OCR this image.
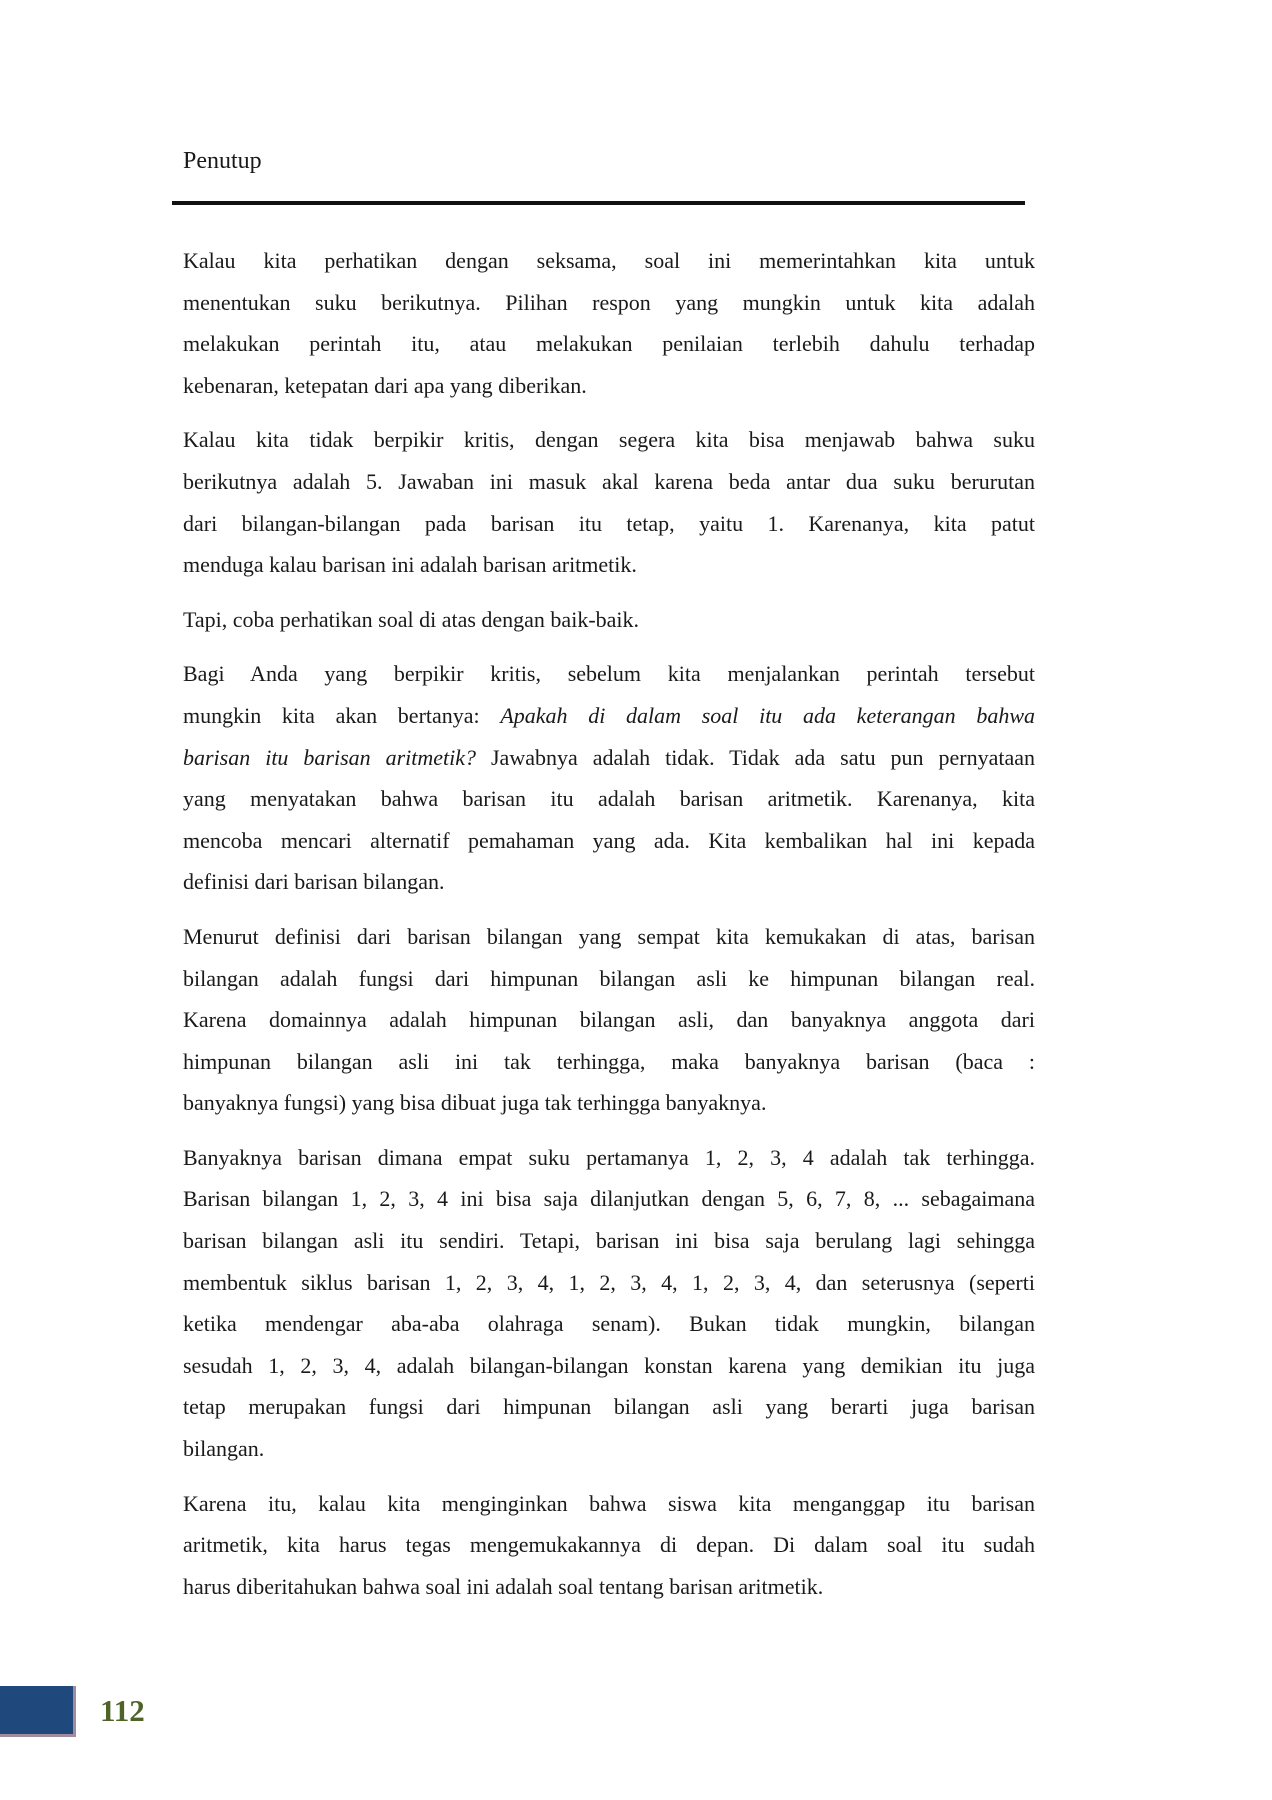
Penutup
Kalau kita perhatikan dengan seksama, soal ini memerintahkan kita untuk
menentukan suku berikutnya. Pilihan respon yang mungkin untuk kita adalah
melakukan perintah itu, atau melakukan penilaian terlebih dahulu terhadap
kebenaran, ketepatan dari apa yang diberikan.
Kalau kita tidak berpikir kritis, dengan segera kita bisa menjawab bahwa suku
berikutnya adalah 5. Jawaban ini masuk akal karena beda antar dua suku berurutan
dari bilangan-bilangan pada barisan itu tetap, yaitu 1. Karenanya, kita patut
menduga kalau barisan ini adalah barisan aritmetik.
Tapi, coba perhatikan soal di atas dengan baik-baik.
Bagi Anda yang berpikir kritis, sebelum kita menjalankan perintah tersebut
mungkin kita akan bertanya: Apakah di dalam soal itu ada keterangan bahwa
barisan itu barisan aritmetik? Jawabnya adalah tidak. Tidak ada satu pun pernyataan
yang menyatakan bahwa barisan itu adalah barisan aritmetik. Karenanya, kita
mencoba mencari alternatif pemahaman yang ada. Kita kembalikan hal ini kepada
definisi dari barisan bilangan.
Menurut definisi dari barisan bilangan yang sempat kita kemukakan di atas, barisan
bilangan adalah fungsi dari himpunan bilangan asli ke himpunan bilangan real.
Karena domainnya adalah himpunan bilangan asli, dan banyaknya anggota dari
himpunan bilangan asli ini tak terhingga, maka banyaknya barisan (baca :
banyaknya fungsi) yang bisa dibuat juga tak terhingga banyaknya.
Banyaknya barisan dimana empat suku pertamanya 1, 2, 3, 4 adalah tak terhingga.
Barisan bilangan 1, 2, 3, 4 ini bisa saja dilanjutkan dengan 5, 6, 7, 8, ... sebagaimana
barisan bilangan asli itu sendiri. Tetapi, barisan ini bisa saja berulang lagi sehingga
membentuk siklus barisan 1, 2, 3, 4, 1, 2, 3, 4, 1, 2, 3, 4, dan seterusnya (seperti
ketika mendengar aba-aba olahraga senam). Bukan tidak mungkin, bilangan
sesudah 1, 2, 3, 4, adalah bilangan-bilangan konstan karena yang demikian itu juga
tetap merupakan fungsi dari himpunan bilangan asli yang berarti juga barisan
bilangan.
Karena itu, kalau kita menginginkan bahwa siswa kita menganggap itu barisan
aritmetik, kita harus tegas mengemukakannya di depan. Di dalam soal itu sudah
harus diberitahukan bahwa soal ini adalah soal tentang barisan aritmetik.
112
